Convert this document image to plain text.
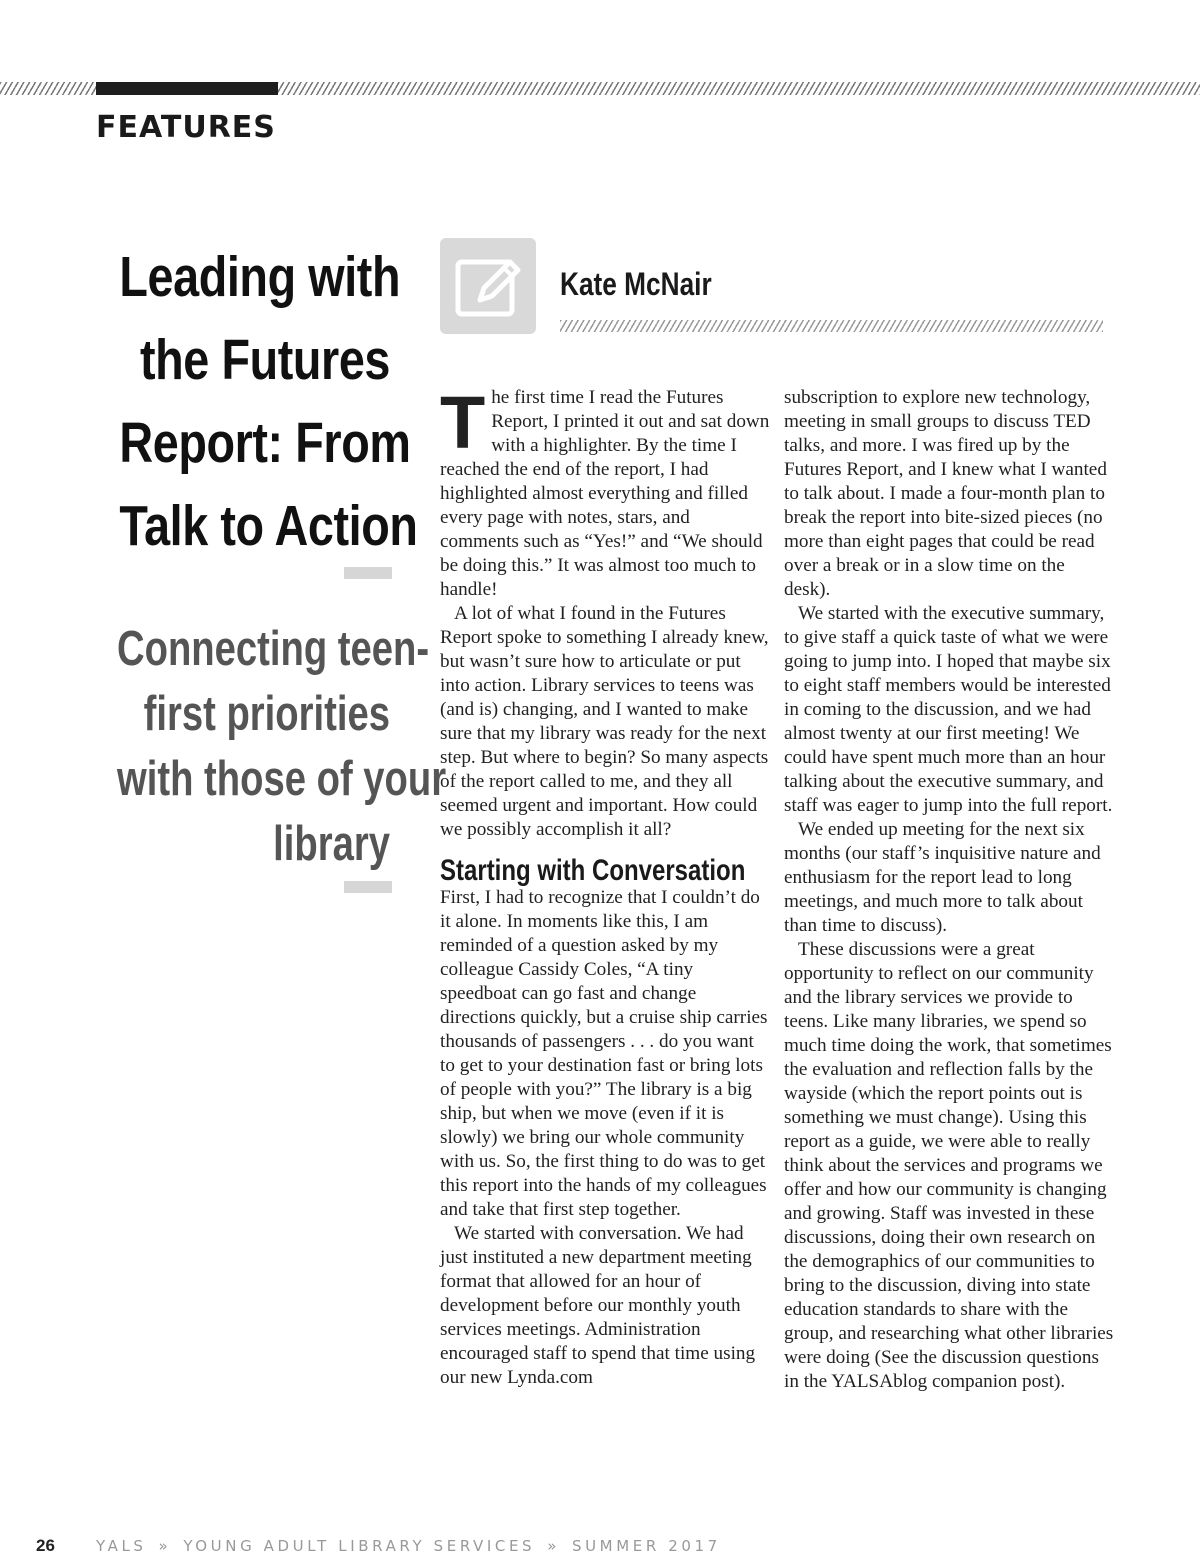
FEATURES
Leading with
the Futures
Report: From
Talk to Action
Connecting teen-
first priorities
with those of your
library
Kate McNair

The first time I read the Futures Report, I printed it out and sat down with a highlighter. By the time I reached the end of the report, I had highlighted almost everything and filled every page with notes, stars, and comments such as “Yes!” and “We should be doing this.” It was almost too much to handle!

A lot of what I found in the Futures Report spoke to something I already knew, but wasn’t sure how to articulate or put into action. Library services to teens was (and is) changing, and I wanted to make sure that my library was ready for the next step. But where to begin? So many aspects of the report called to me, and they all seemed urgent and important. How could we possibly accomplish it all?

Starting with Conversation

First, I had to recognize that I couldn’t do it alone. In moments like this, I am reminded of a question asked by my colleague Cassidy Coles, “A tiny speedboat can go fast and change directions quickly, but a cruise ship carries thousands of passengers . . . do you want to get to your destination fast or bring lots of people with you?” The library is a big ship, but when we move (even if it is slowly) we bring our whole community with us. So, the first thing to do was to get this report into the hands of my colleagues and take that first step together.

We started with conversation. We had just instituted a new department meeting format that allowed for an hour of development before our monthly youth services meetings. Administration encouraged staff to spend that time using our new Lynda.com

subscription to explore new technology, meeting in small groups to discuss TED talks, and more. I was fired up by the Futures Report, and I knew what I wanted to talk about. I made a four-month plan to break the report into bite-sized pieces (no more than eight pages that could be read over a break or in a slow time on the desk).

We started with the executive summary, to give staff a quick taste of what we were going to jump into. I hoped that maybe six to eight staff members would be interested in coming to the discussion, and we had almost twenty at our first meeting! We could have spent much more than an hour talking about the executive summary, and staff was eager to jump into the full report.

We ended up meeting for the next six months (our staff’s inquisitive nature and enthusiasm for the report lead to long meetings, and much more to talk about than time to discuss).

These discussions were a great opportunity to reflect on our community and the library services we provide to teens. Like many libraries, we spend so much time doing the work, that sometimes the evaluation and reflection falls by the wayside (which the report points out is something we must change). Using this report as a guide, we were able to really think about the services and programs we offer and how our community is changing and growing. Staff was invested in these discussions, doing their own research on the demographics of our communities to bring to the discussion, diving into state education standards to share with the group, and researching what other libraries were doing (See the discussion questions in the YALSAblog companion post).

26	YALS » YOUNG ADULT LIBRARY SERVICES » SUMMER 2017
